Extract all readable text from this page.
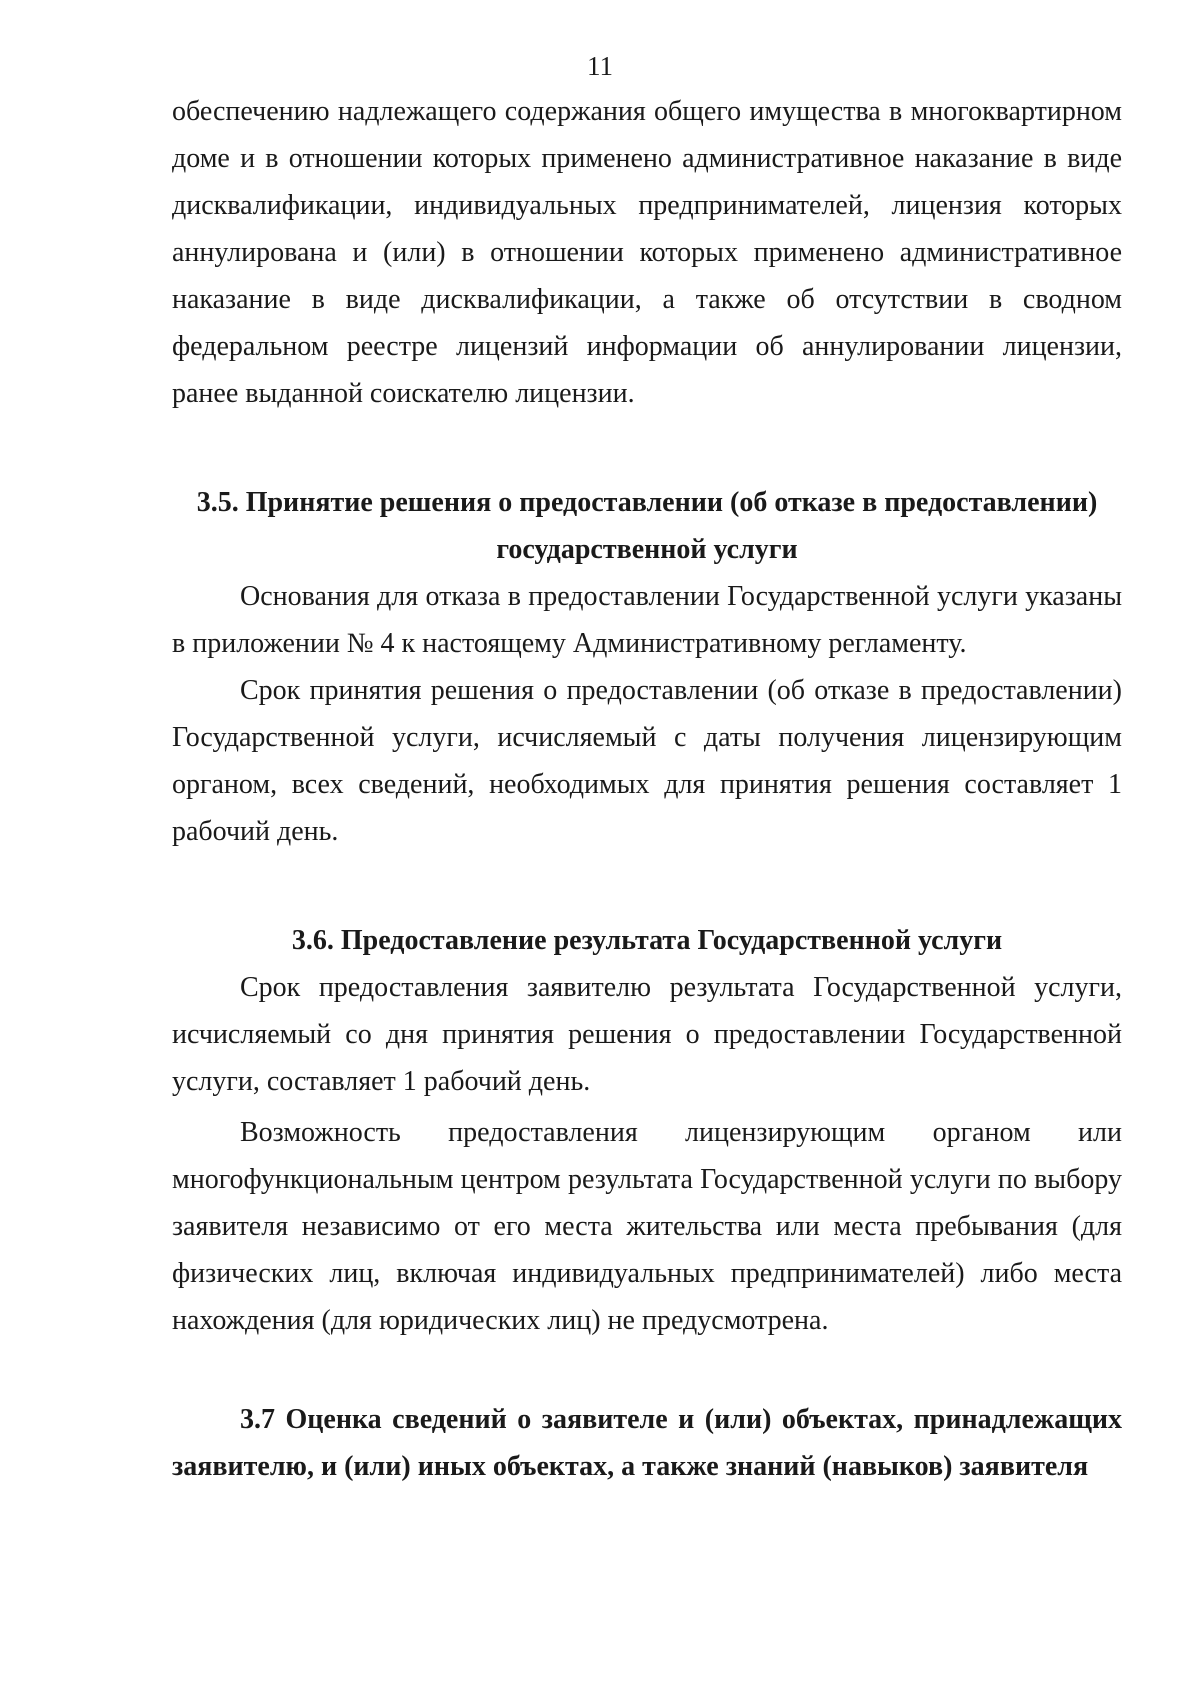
11

обеспечению надлежащего содержания общего имущества в многоквартирном доме и в отношении которых применено административное наказание в виде дисквалификации, индивидуальных предпринимателей, лицензия которых аннулирована и (или) в отношении которых применено административное наказание в виде дисквалификации, а также об отсутствии в сводном федеральном реестре лицензий информации об аннулировании лицензии, ранее выданной соискателю лицензии.

3.5. Принятие решения о предоставлении (об отказе в предоставлении) государственной услуги

Основания для отказа в предоставлении Государственной услуги указаны в приложении № 4 к настоящему Административному регламенту.

Срок принятия решения о предоставлении (об отказе в предоставлении) Государственной услуги, исчисляемый с даты получения лицензирующим органом, всех сведений, необходимых для принятия решения составляет 1 рабочий день.

3.6. Предоставление результата Государственной услуги

Срок предоставления заявителю результата Государственной услуги, исчисляемый со дня принятия решения о предоставлении Государственной услуги, составляет 1 рабочий день.

Возможность предоставления лицензирующим органом или многофункциональным центром результата Государственной услуги по выбору заявителя независимо от его места жительства или места пребывания (для физических лиц, включая индивидуальных предпринимателей) либо места нахождения (для юридических лиц) не предусмотрена.

3.7 Оценка сведений о заявителе и (или) объектах, принадлежащих заявителю, и (или) иных объектах, а также знаний (навыков) заявителя
